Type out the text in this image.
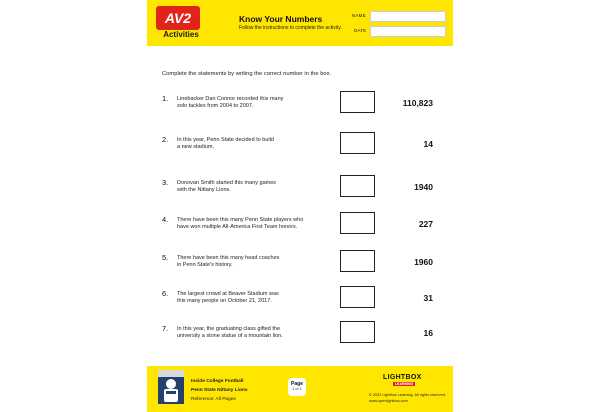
AV2
Activities
Know Your Numbers
Follow the instructions to complete the activity.
NAME
DATE
Complete the statements by writing the correct number in the box.
1. Linebacker Dan Connor recorded this many
solo tackles from 2004 to 2007.	110,823
2. In this year, Penn State decided to build
a new stadium.	14
3. Donovan Smith started this many games
with the Nittany Lions.	1940
4. There have been this many Penn State players who
have won multiple All-America First Team honors.	227
5. There have been this many head coaches
in Penn State's history.	1960
6. The largest crowd at Beaver Stadium was
this many people on October 21, 2017.	31
7. In this year, the graduating class gifted the
university a stone statue of a mountain lion.	16
Inside College Football
Penn State Nittany Lions
Reference: All Pages
Page
1 of 1
LIGHTBOX
LEARNING
© 2022 Lightbox Learning. All rights reserved.
www.openlightbox.com
